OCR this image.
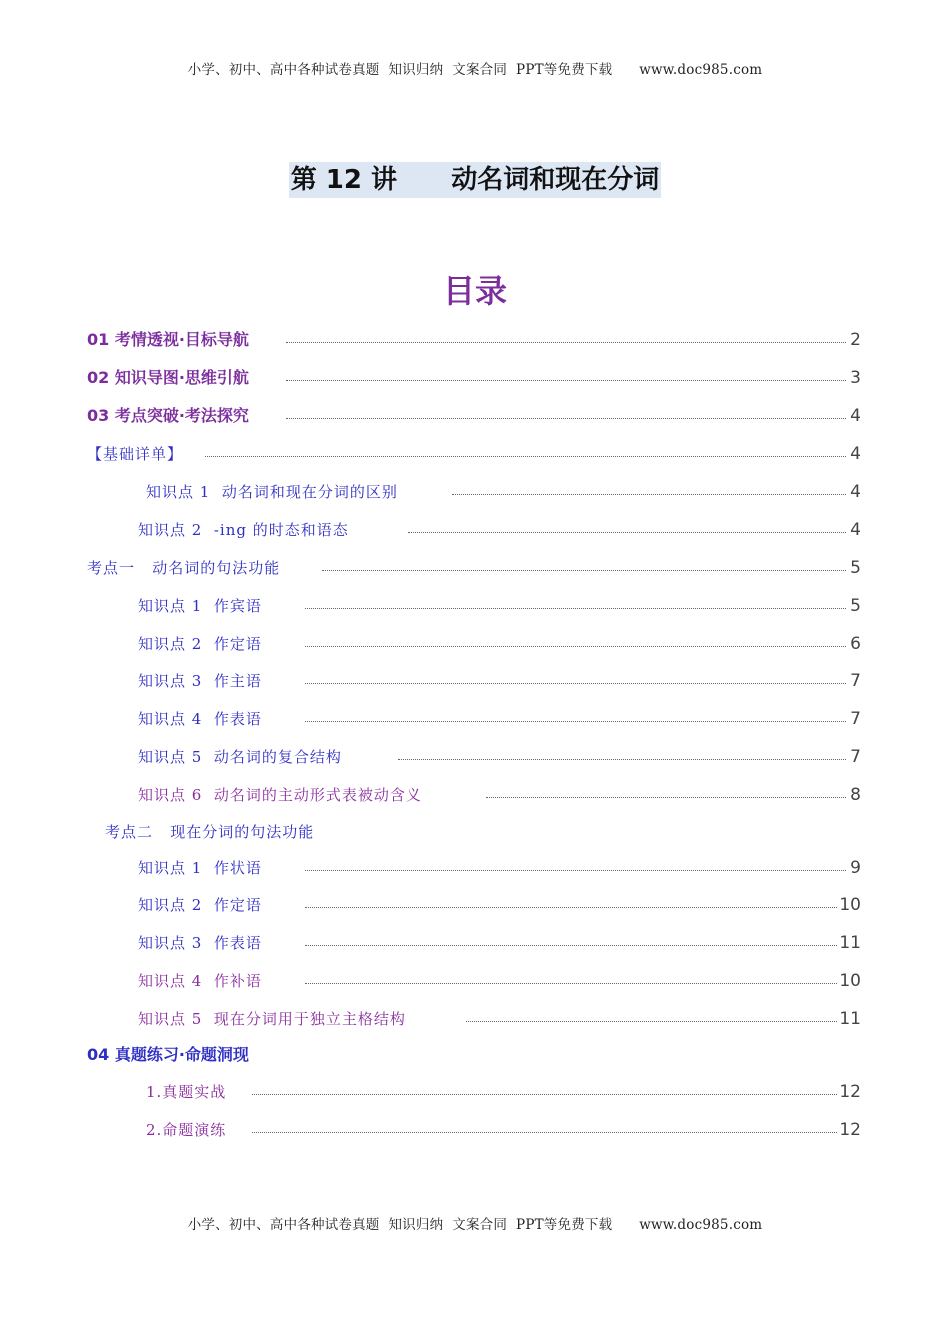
小学、初中、高中各种试卷真题  知识归纳  文案合同  PPT等免费下载      www.doc985.com
第 12 讲      动名词和现在分词
目录
01 考情透视·目标导航	2
02 知识导图·思维引航	3
03 考点突破·考法探究	4
【基础详单】	4
知识点 1  动名词和现在分词的区别	4
知识点 2  -ing 的时态和语态	4
考点一   动名词的句法功能	5
知识点 1  作宾语	5
知识点 2  作定语	6
知识点 3  作主语	7
知识点 4  作表语	7
知识点 5  动名词的复合结构	7
知识点 6  动名词的主动形式表被动含义	8
考点二   现在分词的句法功能
知识点 1  作状语	9
知识点 2  作定语	10
知识点 3  作表语	11
知识点 4  作补语	10
知识点 5  现在分词用于独立主格结构	11
04 真题练习·命题洞现
1.真题实战	12
2.命题演练	12
小学、初中、高中各种试卷真题  知识归纳  文案合同  PPT等免费下载      www.doc985.com
